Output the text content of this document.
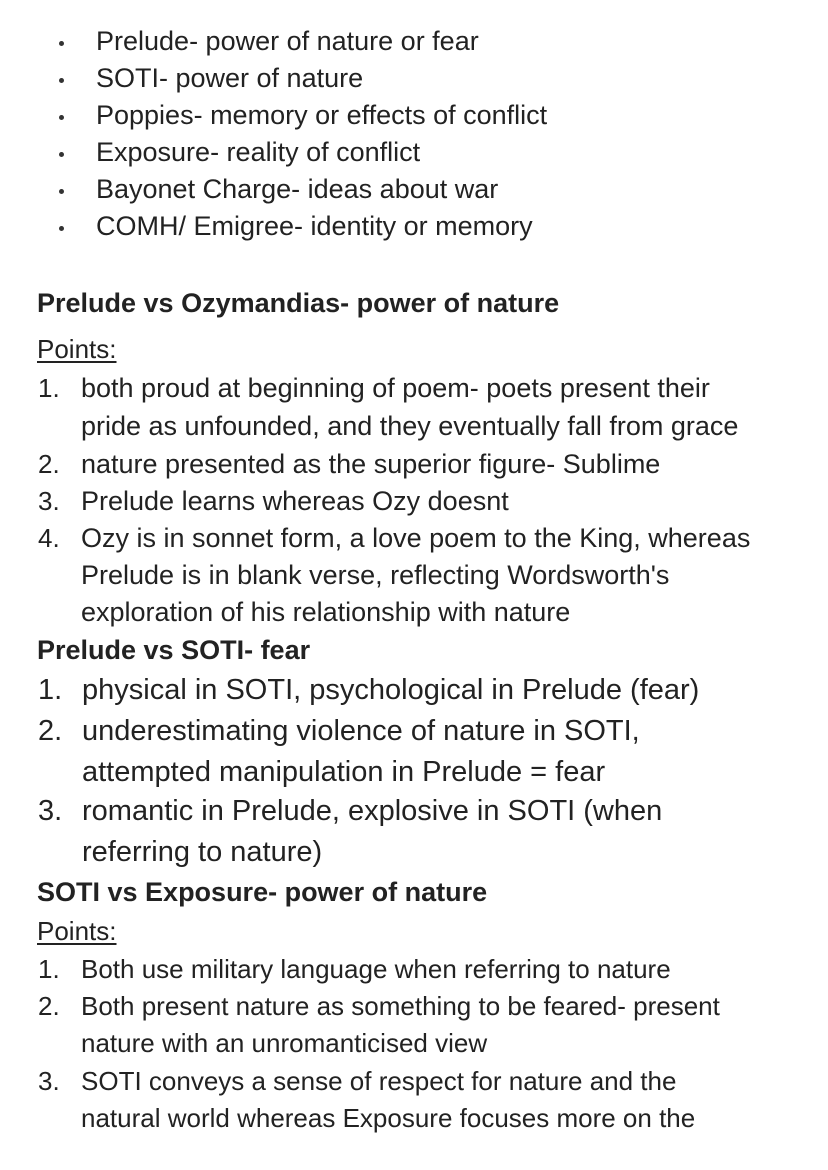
Prelude- power of nature or fear
SOTI- power of nature
Poppies- memory or effects of conflict
Exposure- reality of conflict
Bayonet Charge- ideas about war
COMH/ Emigree- identity or memory
Prelude vs Ozymandias- power of nature
Points:
1. both proud at beginning of poem- poets present their
pride as unfounded, and they eventually fall from grace
2. nature presented as the superior figure- Sublime
3. Prelude learns whereas Ozy doesnt
4. Ozy is in sonnet form, a love poem to the King, whereas
Prelude is in blank verse, reflecting Wordsworth's
exploration of his relationship with nature
Prelude vs SOTI- fear
1. physical in SOTI, psychological in Prelude (fear)
2. underestimating violence of nature in SOTI,
attempted manipulation in Prelude = fear
3. romantic in Prelude, explosive in SOTI (when
referring to nature)
SOTI vs Exposure- power of nature
Points:
1. Both use military language when referring to nature
2. Both present nature as something to be feared- present
nature with an unromanticised view
3. SOTI conveys a sense of respect for nature and the
natural world whereas Exposure focuses more on the
